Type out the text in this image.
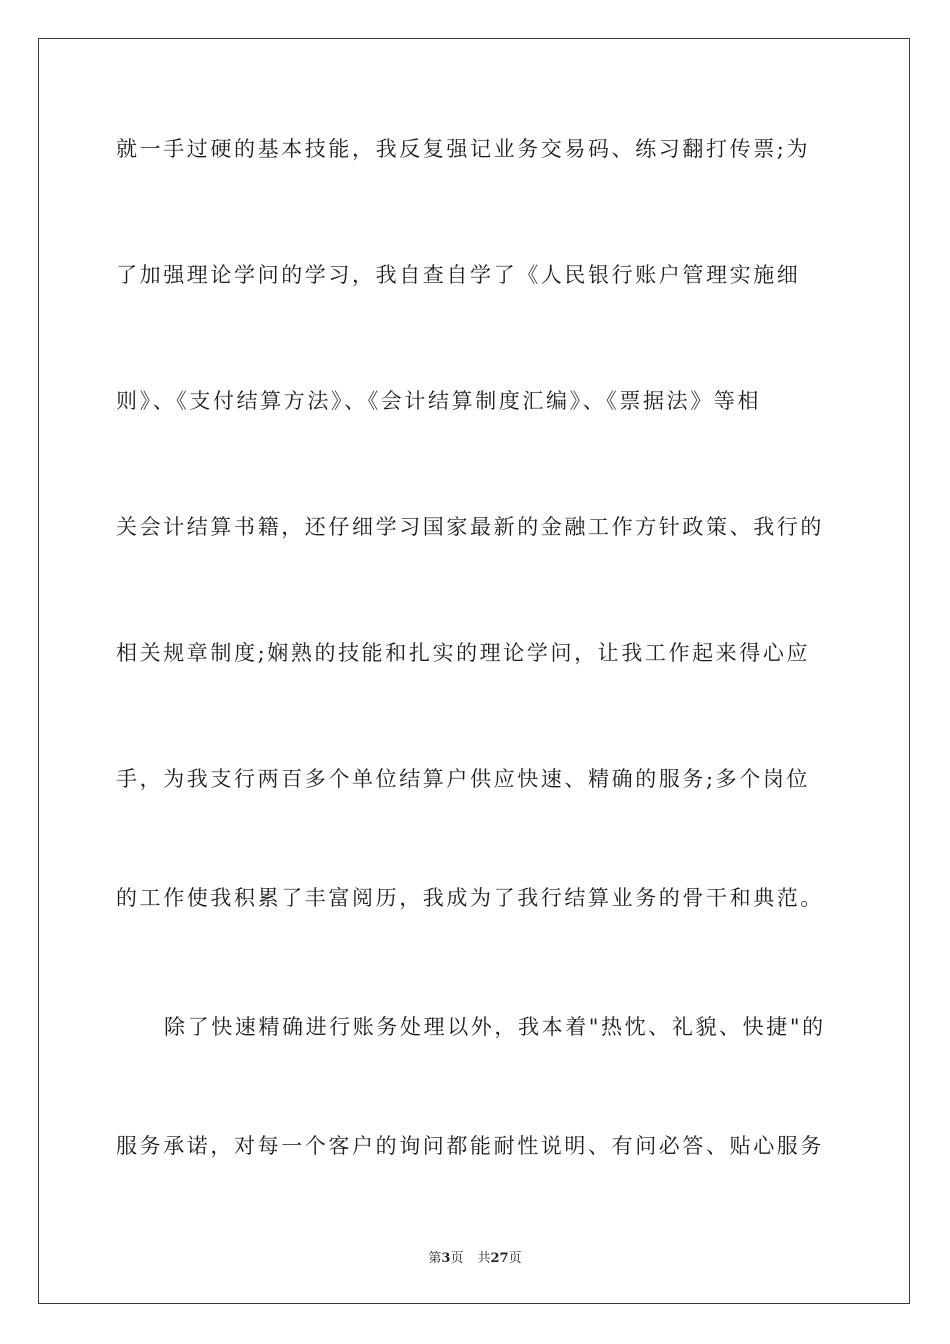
就一手过硬的基本技能，我反复强记业务交易码、练习翻打传票;为
了加强理论学问的学习，我自查自学了《人民银行账户管理实施细
则》、《支付结算方法》、《会计结算制度汇编》、《票据法》等相
关会计结算书籍，还仔细学习国家最新的金融工作方针政策、我行的
相关规章制度;娴熟的技能和扎实的理论学问，让我工作起来得心应
手，为我支行两百多个单位结算户供应快速、精确的服务;多个岗位
的工作使我积累了丰富阅历，我成为了我行结算业务的骨干和典范。
除了快速精确进行账务处理以外，我本着"热忱、礼貌、快捷"的
服务承诺，对每一个客户的询问都能耐性说明、有问必答、贴心服务
第3页 共27页
